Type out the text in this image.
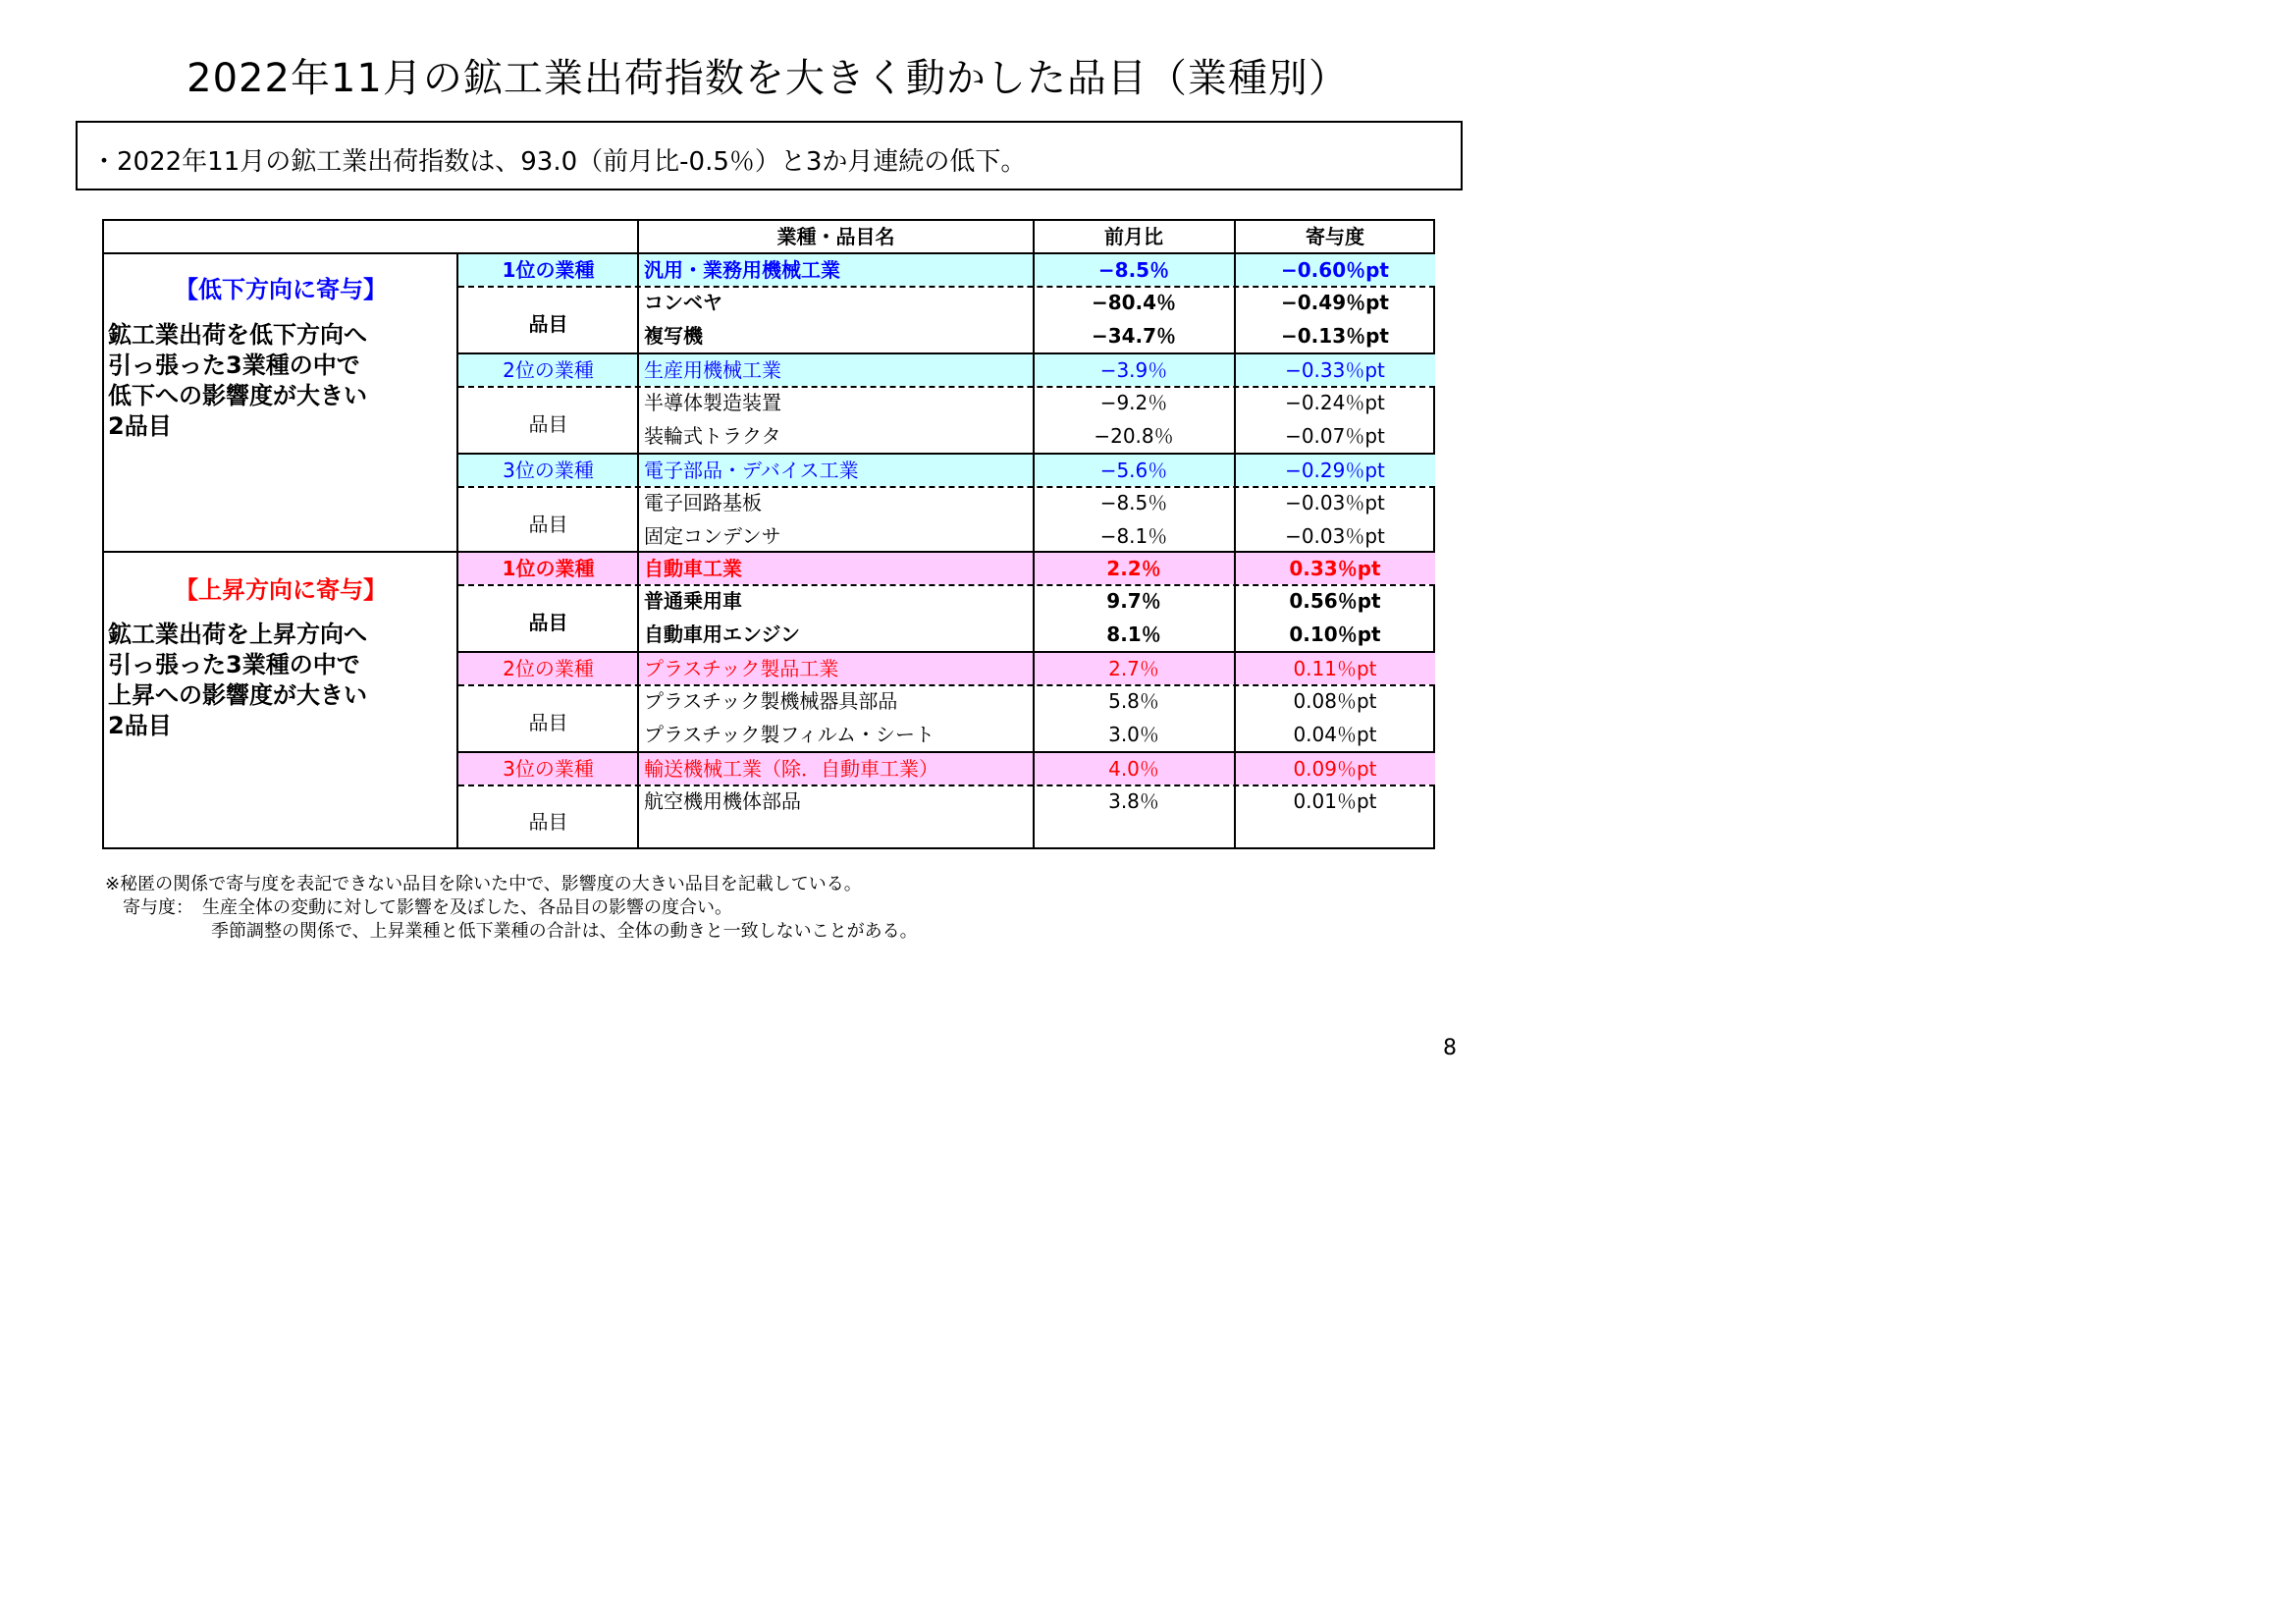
2022年11月の鉱工業出荷指数を大きく動かした品目（業種別）
・2022年11月の鉱工業出荷指数は、93.0（前月比-0.5％）と3か月連続の低下。
業種・品目名	前月比	寄与度
【低下方向に寄与】
鉱工業出荷を低下方向へ
引っ張った3業種の中で
低下への影響度が大きい
2品目
1位の業種	汎用・業務用機械工業	−8.5％	−0.60％pt
品目
コンベヤ	−80.4％	−0.49％pt
複写機	−34.7％	−0.13％pt
2位の業種	生産用機械工業	−3.9％	−0.33％pt
品目
半導体製造装置	−9.2％	−0.24％pt
装輪式トラクタ	−20.8％	−0.07％pt
3位の業種	電子部品・デバイス工業	−5.6％	−0.29％pt
品目
電子回路基板	−8.5％	−0.03％pt
固定コンデンサ	−8.1％	−0.03％pt
【上昇方向に寄与】
鉱工業出荷を上昇方向へ
引っ張った3業種の中で
上昇への影響度が大きい
2品目
1位の業種	自動車工業	2.2％	0.33％pt
品目
普通乗用車	9.7％	0.56％pt
自動車用エンジン	8.1％	0.10％pt
2位の業種	プラスチック製品工業	2.7％	0.11％pt
品目
プラスチック製機械器具部品	5.8％	0.08％pt
プラスチック製フィルム・シート	3.0％	0.04％pt
3位の業種	輸送機械工業（除．自動車工業）	4.0％	0.09％pt
品目
航空機用機体部品	3.8％	0.01％pt
※秘匿の関係で寄与度を表記できない品目を除いた中で、影響度の大きい品目を記載している。
　寄与度：　生産全体の変動に対して影響を及ぼした、各品目の影響の度合い。
　　　　　　季節調整の関係で、上昇業種と低下業種の合計は、全体の動きと一致しないことがある。
8
